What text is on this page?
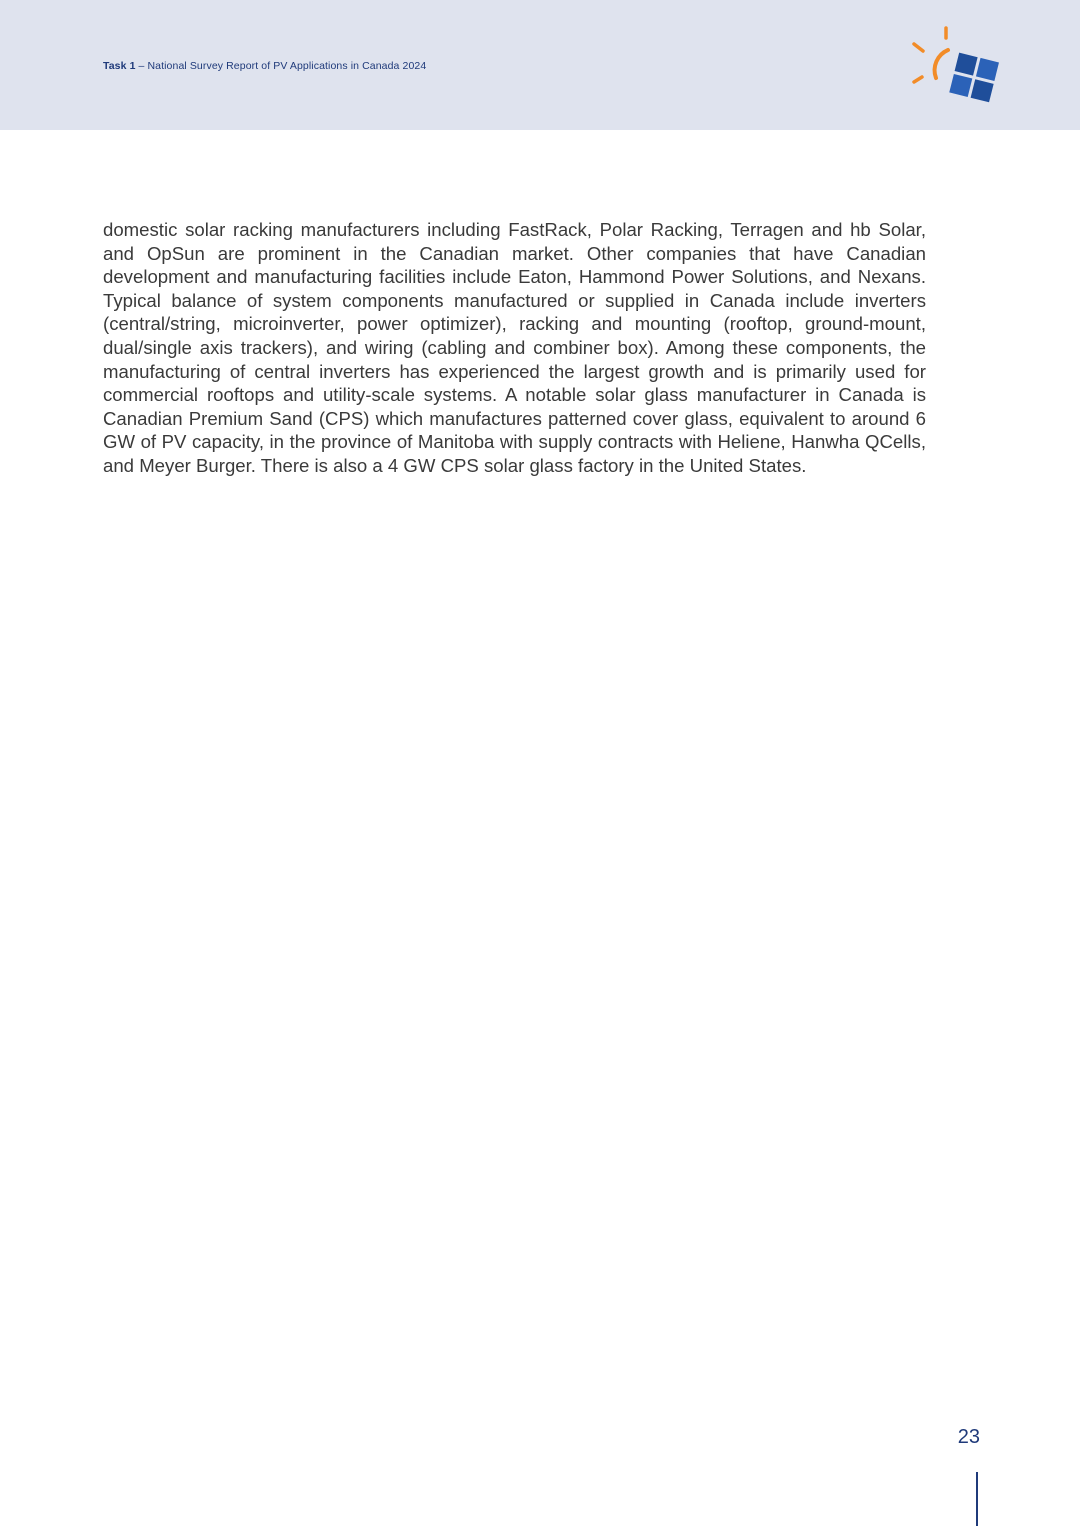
Task 1 – National Survey Report of PV Applications in Canada 2024

domestic solar racking manufacturers including FastRack, Polar Racking, Terragen and hb Solar, and OpSun are prominent in the Canadian market. Other companies that have Canadian development and manufacturing facilities include Eaton, Hammond Power Solutions, and Nexans. Typical balance of system components manufactured or supplied in Canada include inverters (central/string, microinverter, power optimizer), racking and mounting (rooftop, ground-mount, dual/single axis trackers), and wiring (cabling and combiner box). Among these components, the manufacturing of central inverters has experienced the largest growth and is primarily used for commercial rooftops and utility-scale systems. A notable solar glass manufacturer in Canada is Canadian Premium Sand (CPS) which manufactures patterned cover glass, equivalent to around 6 GW of PV capacity, in the province of Manitoba with supply contracts with Heliene, Hanwha QCells, and Meyer Burger. There is also a 4 GW CPS solar glass factory in the United States.

23
